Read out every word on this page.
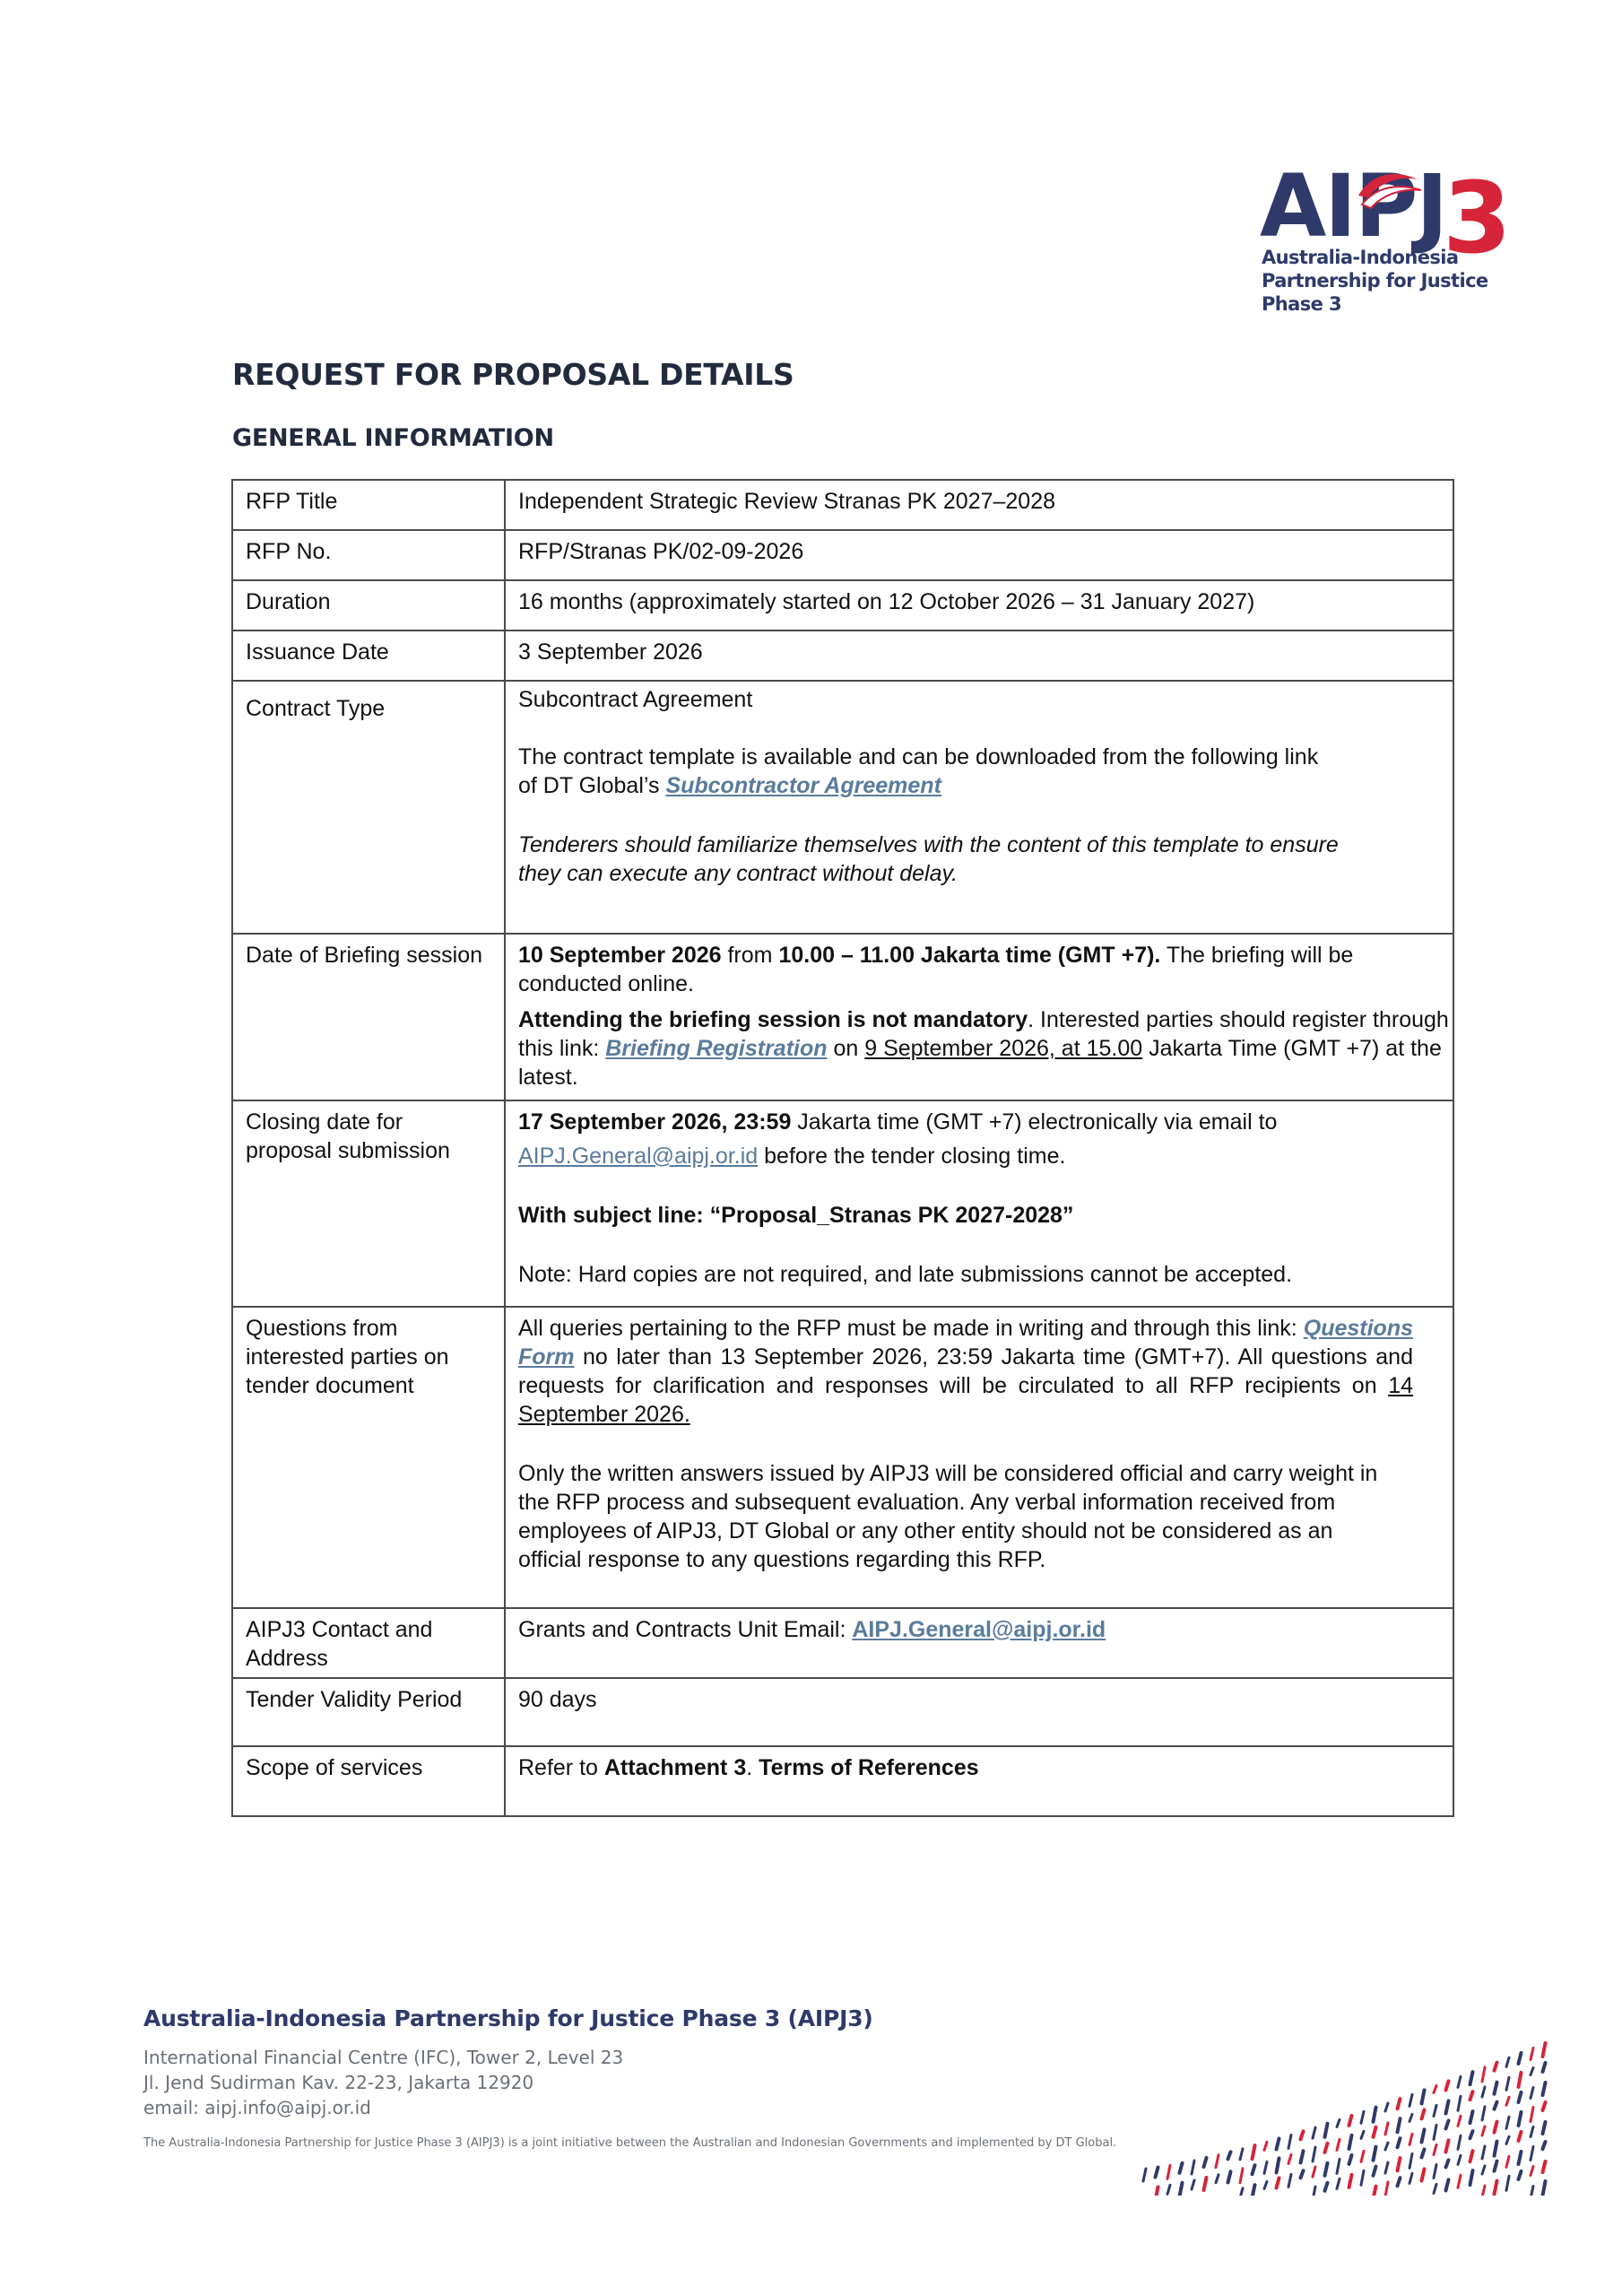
AIPJ3
Australia-Indonesia
Partnership for Justice Phase 3
REQUEST FOR PROPOSAL DETAILS
GENERAL INFORMATION
RFP Title	Independent Strategic Review Stranas PK 2027–2028
RFP No.	RFP/Stranas PK/02-09-2026
Duration	16 months (approximately started on 12 October 2026 – 31 January 2027)
Issuance Date	3 September 2026
Contract Type	Subcontract Agreement

The contract template is available and can be downloaded from the following link

of DT Global’s Subcontractor Agreement

Tenderers should familiarize themselves with the content of this template to ensure they can execute any contract without delay.

Date of Briefing session	10 September 2026 from 10.00 – 11.00 Jakarta time (GMT +7). The briefing will be conducted online.

Attending the briefing session is not mandatory. Interested parties should register through this link: Briefing Registration on 9 September 2026, at 15.00 Jakarta Time (GMT +7) at the latest.

Closing date for proposal submission	17 September 2026, 23:59 Jakarta time (GMT +7) electronically via email to

AIPJ.General@aipj.or.id before the tender closing time.

With subject line: “Proposal_Stranas PK 2027-2028”

Note: Hard copies are not required, and late submissions cannot be accepted.

Questions from interested parties on tender document	All queries pertaining to the RFP must be made in writing and through this link: Questions Form no later than 13 September 2026, 23:59 Jakarta time (GMT+7). All questions and requests for clarification and responses will be circulated to all RFP recipients on 14 September 2026.

Only the written answers issued by AIPJ3 will be considered official and carry weight in the RFP process and subsequent evaluation. Any verbal information received from employees of AIPJ3, DT Global or any other entity should not be considered as an official response to any questions regarding this RFP.

AIPJ3 Contact and Address	Grants and Contracts Unit Email: AIPJ.General@aipj.or.id
Tender Validity Period	90 days
Scope of services	Refer to Attachment 3. Terms of References
Australia-Indonesia Partnership for Justice Phase 3 (AIPJ3)
International Financial Centre (IFC), Tower 2, Level 23
Jl. Jend Sudirman Kav. 22-23, Jakarta 12920
email: aipj.info@aipj.or.id
The Australia-Indonesia Partnership for Justice Phase 3 (AIPJ3) is a joint initiative between the Australian and Indonesian Governments and implemented by DT Global.
